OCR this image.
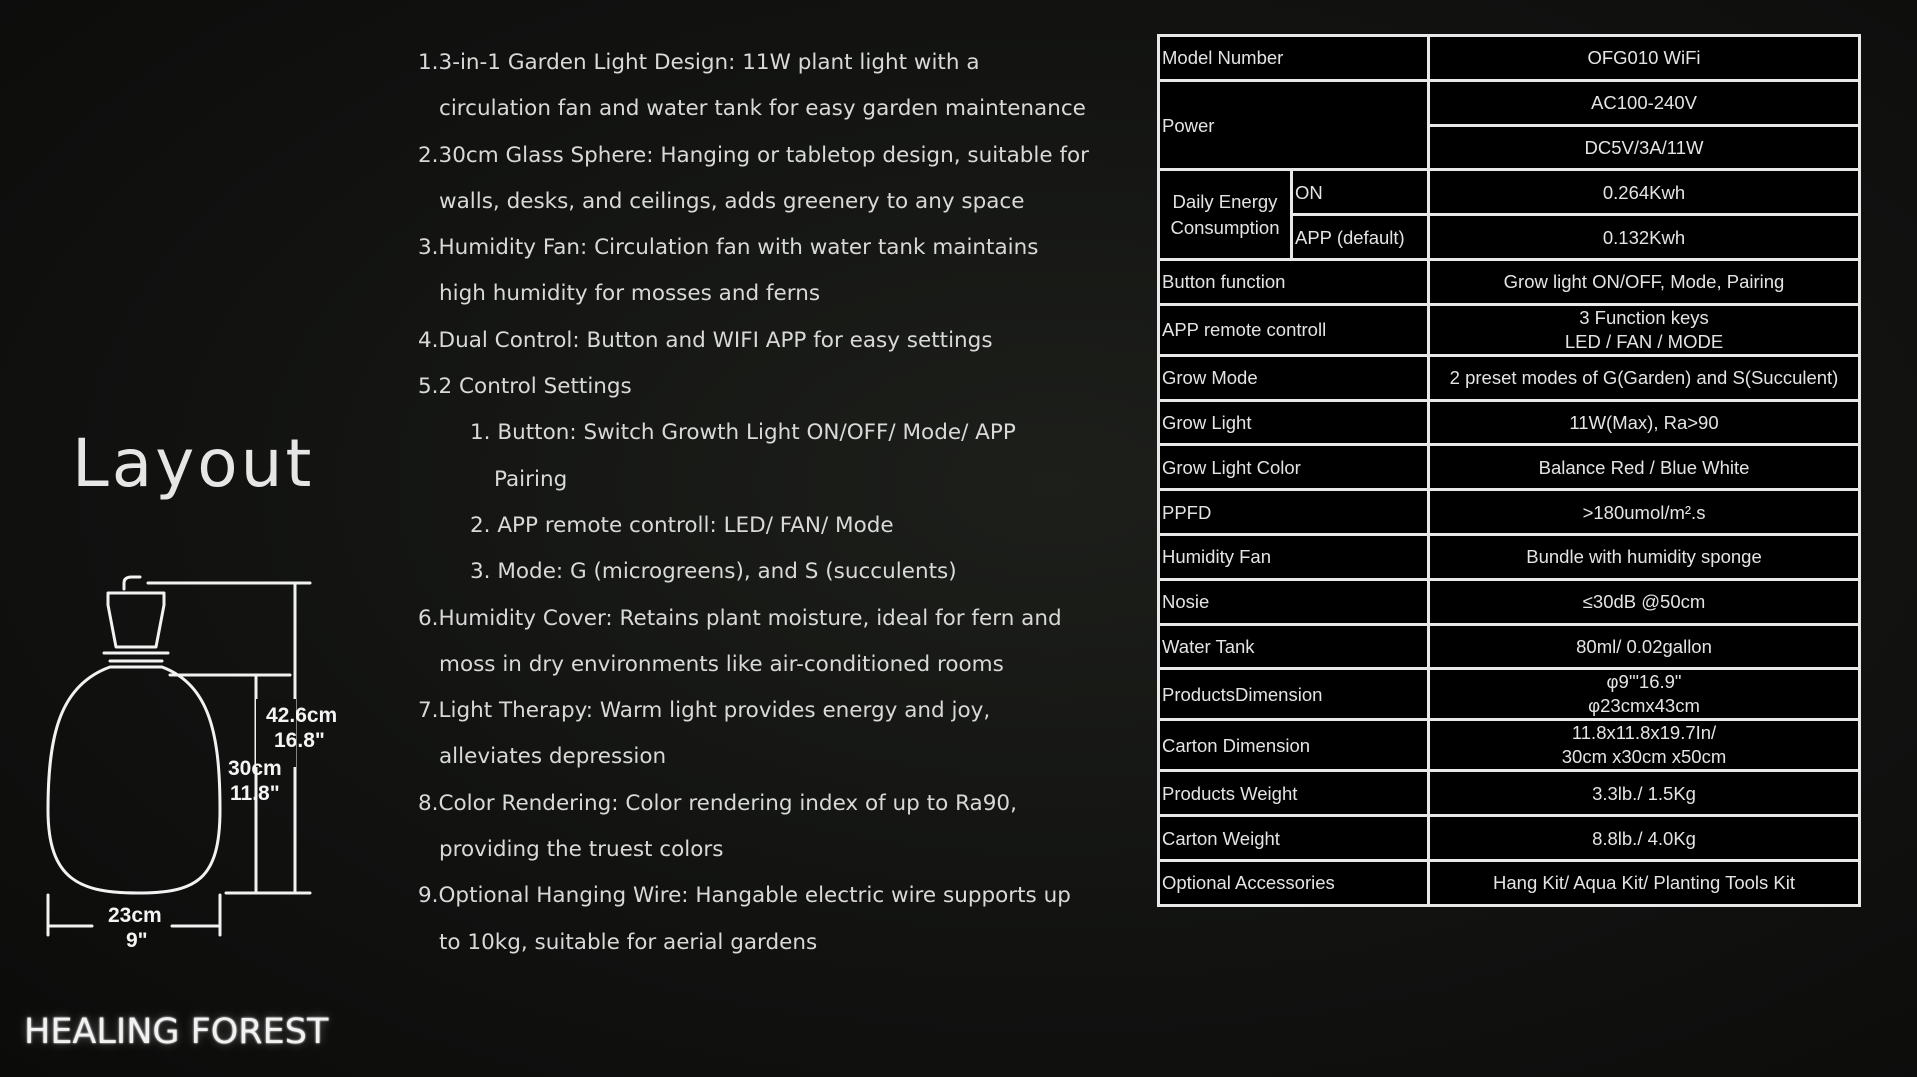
Layout
42.6cm
16.8"
30cm
11.8"
23cm
9"
HEALING FOREST
1.3-in-1 Garden Light Design: 11W plant light with a
circulation fan and water tank for easy garden maintenance
2.30cm Glass Sphere: Hanging or tabletop design, suitable for
walls, desks, and ceilings, adds greenery to any space
3.Humidity Fan: Circulation fan with water tank maintains
high humidity for mosses and ferns
4.Dual Control: Button and WIFI APP for easy settings
5.2 Control Settings
1. Button: Switch Growth Light ON/OFF/ Mode/ APP
Pairing
2. APP remote controll: LED/ FAN/ Mode
3. Mode: G (microgreens), and S (succulents)
6.Humidity Cover: Retains plant moisture, ideal for fern and
moss in dry environments like air-conditioned rooms
7.Light Therapy: Warm light provides energy and joy,
alleviates depression
8.Color Rendering: Color rendering index of up to Ra90,
providing the truest colors
9.Optional Hanging Wire: Hangable electric wire supports up
to 10kg, suitable for aerial gardens
Model Number		OFG010 WiFi
Power		AC100-240V
		DC5V/3A/11W
Daily Energy Consumption	ON	0.264Kwh
	APP (default)	0.132Kwh
Button function		Grow light ON/OFF, Mode, Pairing
APP remote controll		3 Function keys
LED / FAN / MODE

Grow Mode		2 preset modes of G(Garden) and S(Succulent)
Grow Light		11W(Max), Ra>90
Grow Light Color		Balance Red / Blue White
PPFD		>180umol/m².s
Humidity Fan		Bundle with humidity sponge
Nosie		≤30dB @50cm
Water Tank		80ml/ 0.02gallon
ProductsDimension		φ9'"16.9"
φ23cmx43cm

Carton Dimension		11.8x11.8x19.7In/
30cm x30cm x50cm

Products Weight		3.3lb./ 1.5Kg
Carton Weight		8.8lb./ 4.0Kg
Optional Accessories		Hang Kit/ Aqua Kit/ Planting Tools Kit
